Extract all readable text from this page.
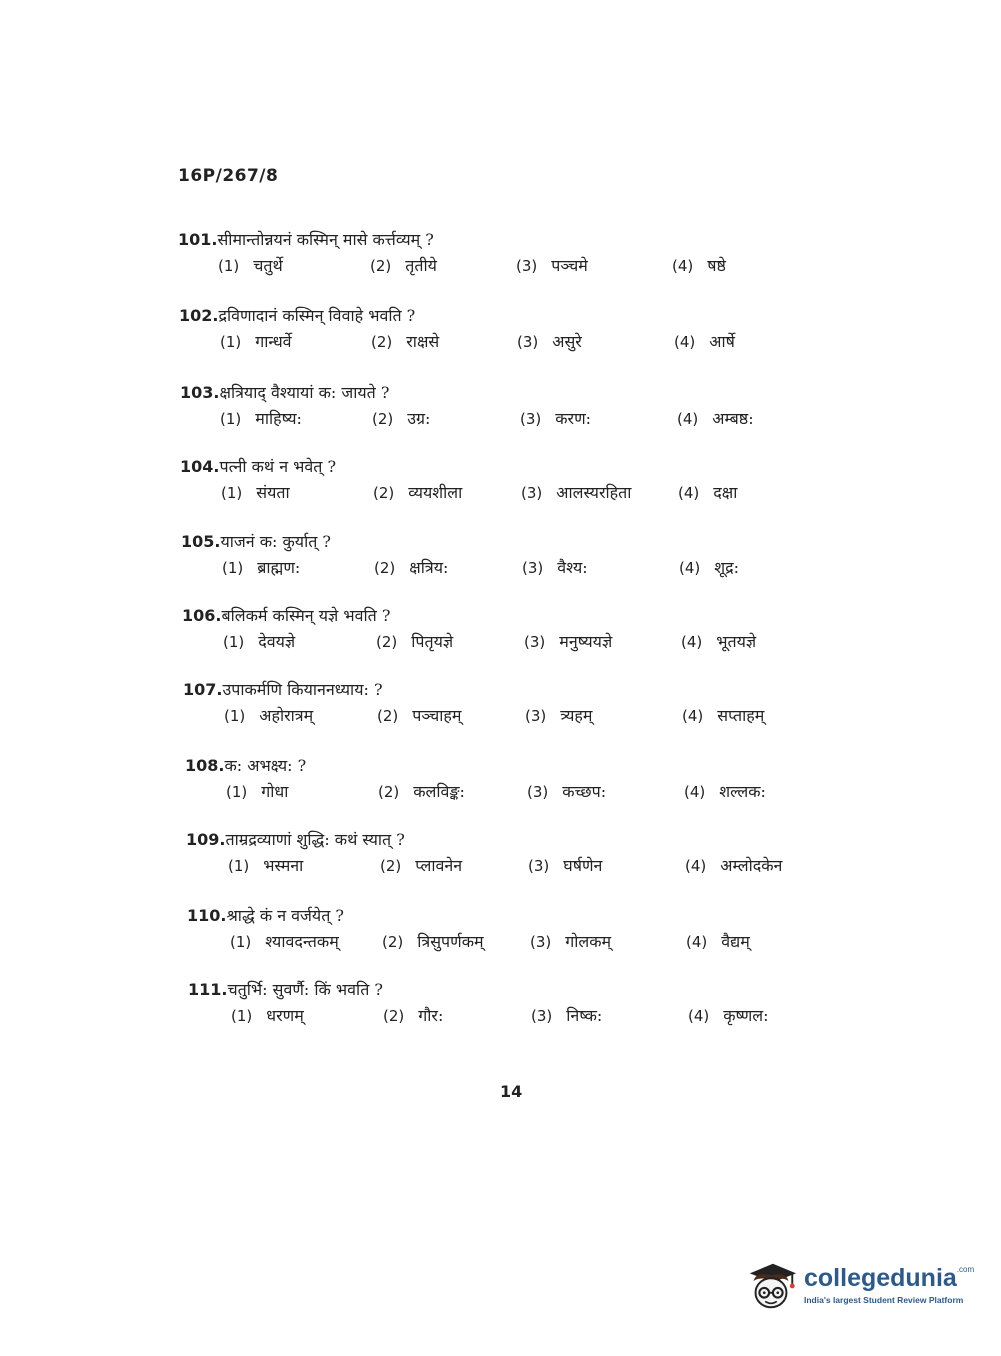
16P/267/8
101. सीमान्तोन्नयनं कस्मिन् मासे कर्त्तव्यम् ?
(1) चतुर्थे	(2) तृतीये	(3) पञ्चमे	(4) षष्ठे
102. द्रविणादानं कस्मिन् विवाहे भवति ?
(1) गान्धर्वे	(2) राक्षसे	(3) असुरे	(4) आर्षे
103. क्षत्रियाद् वैश्यायां क: जायते ?
(1) माहिष्य:	(2) उग्र:	(3) करण:	(4) अम्बष्ठ:
104. पत्नी कथं न भवेत् ?
(1) संयता	(2) व्ययशीला	(3) आलस्यरहिता	(4) दक्षा
105. याजनं क: कुर्यात् ?
(1) ब्राह्मण:	(2) क्षत्रिय:	(3) वैश्य:	(4) शूद्र:
106. बलिकर्म कस्मिन् यज्ञे भवति ?
(1) देवयज्ञे	(2) पितृयज्ञे	(3) मनुष्ययज्ञे	(4) भूतयज्ञे
107. उपाकर्मणि कियाननध्याय: ?
(1) अहोरात्रम्	(2) पञ्चाहम्	(3) त्र्यहम्	(4) सप्ताहम्
108. क: अभक्ष्य: ?
(1) गोधा	(2) कलविङ्क:	(3) कच्छप:	(4) शल्लक:
109. ताम्रद्रव्याणां शुद्धि: कथं स्यात् ?
(1) भस्मना	(2) प्लावनेन	(3) घर्षणेन	(4) अम्लोदकेन
110. श्राद्धे कं न वर्जयेत् ?
(1) श्यावदन्तकम्	(2) त्रिसुपर्णकम्	(3) गोलकम्	(4) वैद्यम्
111. चतुर्भि: सुवर्णै: किं भवति ?
(1) धरणम्	(2) गौर:	(3) निष्क:	(4) कृष्णल:
14
collegedunia$^{.com}$
India's largest Student Review Platform
